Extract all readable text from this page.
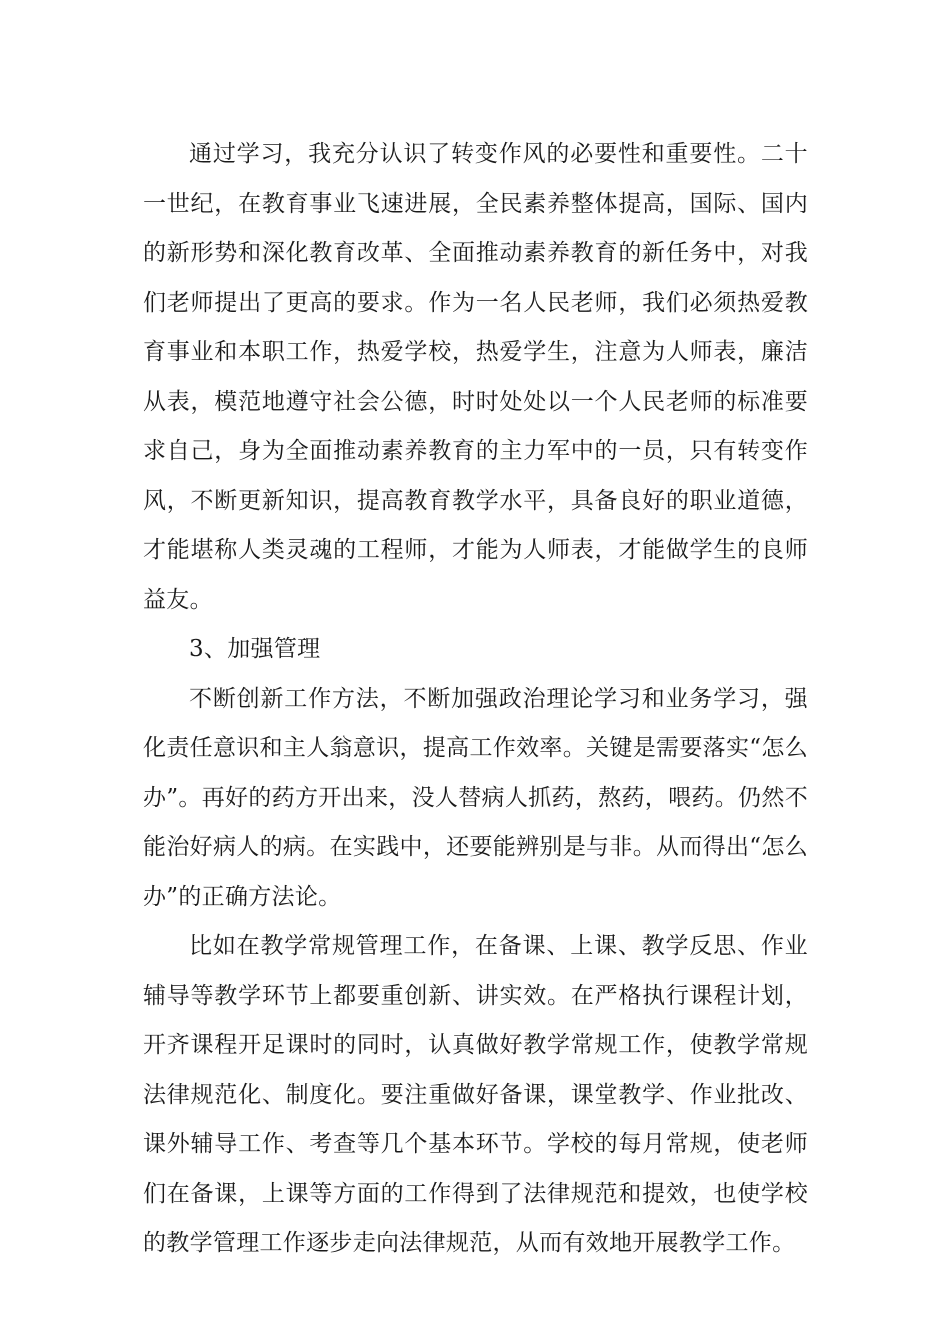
通过学习，我充分认识了转变作风的必要性和重要性。二十一世纪，在教育事业飞速进展，全民素养整体提高，国际、国内的新形势和深化教育改革、全面推动素养教育的新任务中，对我们老师提出了更高的要求。作为一名人民老师，我们必须热爱教育事业和本职工作，热爱学校，热爱学生，注意为人师表，廉洁从表，模范地遵守社会公德，时时处处以一个人民老师的标准要求自己，身为全面推动素养教育的主力军中的一员，只有转变作风，不断更新知识，提高教育教学水平，具备良好的职业道德，才能堪称人类灵魂的工程师，才能为人师表，才能做学生的良师益友。

3、加强管理

不断创新工作方法，不断加强政治理论学习和业务学习，强化责任意识和主人翁意识，提高工作效率。关键是需要落实“怎么办”。再好的药方开出来，没人替病人抓药，熬药，喂药。仍然不能治好病人的病。在实践中，还要能辨别是与非。从而得出“怎么办”的正确方法论。

比如在教学常规管理工作，在备课、上课、教学反思、作业辅导等教学环节上都要重创新、讲实效。在严格执行课程计划，开齐课程开足课时的同时，认真做好教学常规工作，使教学常规法律规范化、制度化。要注重做好备课，课堂教学、作业批改、课外辅导工作、考查等几个基本环节。学校的每月常规，使老师们在备课，上课等方面的工作得到了法律规范和提效，也使学校的教学管理工作逐步走向法律规范，从而有效地开展教学工作。
